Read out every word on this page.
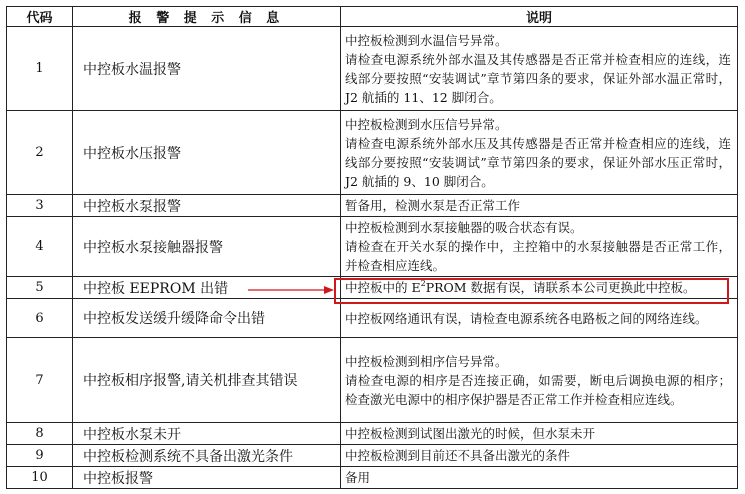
代码	报 警 提 示 信 息	说明
1	中控板水温报警	中控板检测到水温信号异常。
请检查电源系统外部水温及其传感器是否正常并检查相应的连线，连线部分要按照“安装调试”章节第四条的要求，保证外部水温正常时，J2 航插的 11、12 脚闭合。

2	中控板水压报警	中控板检测到水压信号异常。
请检查电源系统外部水压及其传感器是否正常并检查相应的连线，连线部分要按照“安装调试”章节第四条的要求，保证外部水压正常时，J2 航插的 9、10 脚闭合。

3	中控板水泵报警	暂备用，检测水泵是否正常工作

4	中控板水泵接触器报警	中控板检测到水泵接触器的吸合状态有误。
请检查在开关水泵的操作中，主控箱中的水泵接触器是否正常工作，并检查相应连线。

5	中控板 EEPROM 出错	中控板中的 $E^2PROM$ 数据有误，请联系本公司更换此中控板。

6	中控板发送缓升缓降命令出错	中控板网络通讯有误，请检查电源系统各电路板之间的网络连线。

7	中控板相序报警,请关机排查其错误	中控板检测到相序信号异常。
请检查电源的相序是否连接正确，如需要，断电后调换电源的相序；检查激光电源中的相序保护器是否正常工作并检查相应连线。

8	中控板水泵未开	中控板检测到试图出激光的时候，但水泵未开

9	中控板检测系统不具备出激光条件	中控板检测到目前还不具备出激光的条件

10	中控板报警	备用
